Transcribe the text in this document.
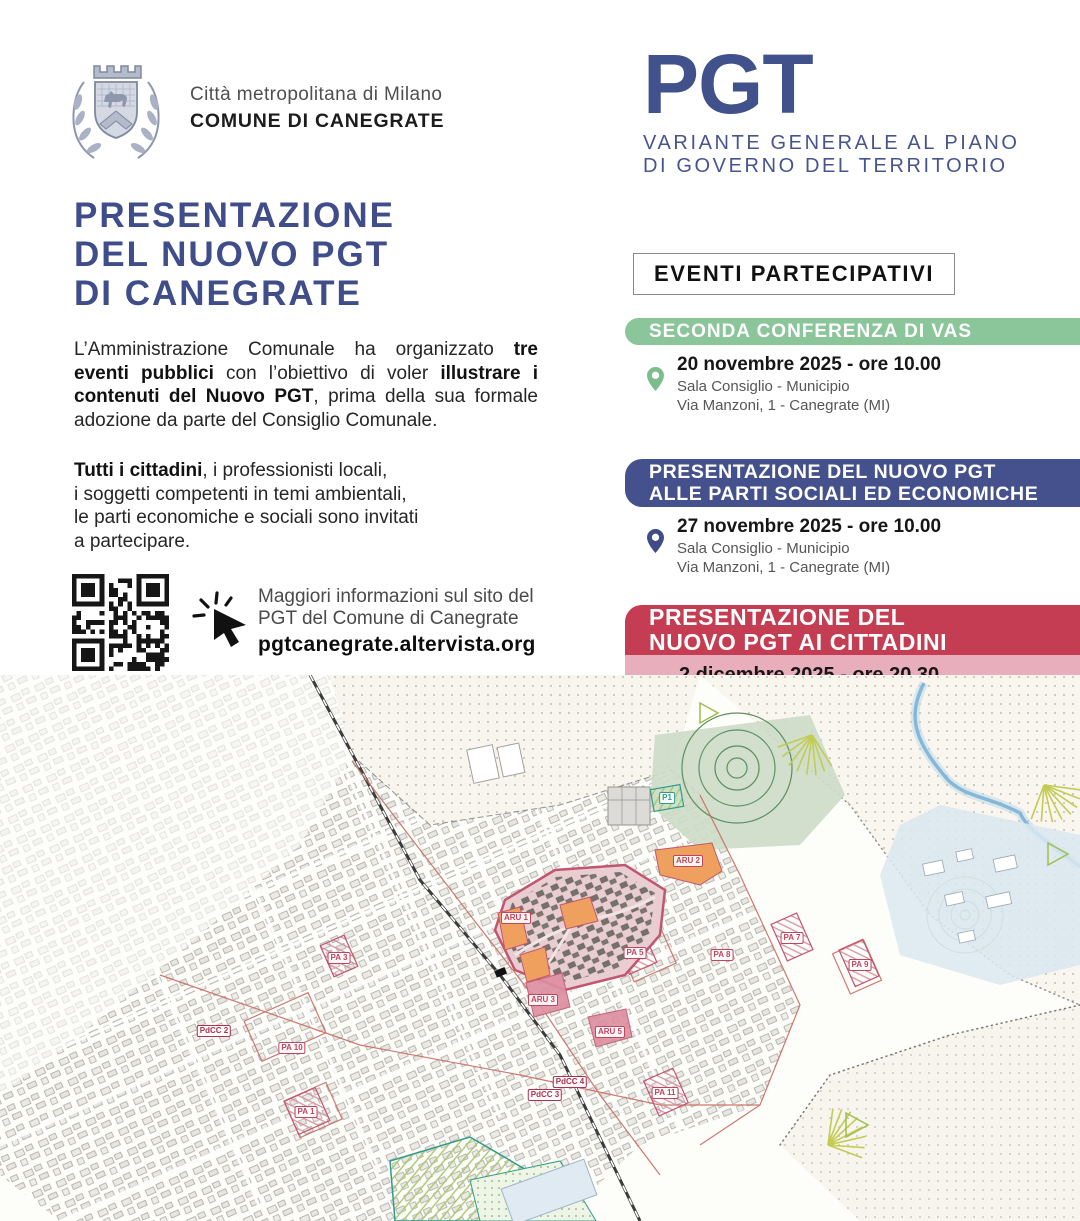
Città metropolitana di Milano
COMUNE DI CANEGRATE PGT
VARIANTE GENERALE AL PIANO
DI GOVERNO DEL TERRITORIO
PRESENTAZIONE
DEL NUOVO PGT
DI CANEGRATE
L’Amministrazione Comunale ha organizzato tre eventi pubblici con l’obiettivo di voler illustrare i contenuti del Nuovo PGT, prima della sua formale adozione da parte del Consiglio Comunale.
Tutti i cittadini, i professionisti locali,
i soggetti competenti in temi ambientali,
le parti economiche e sociali sono invitati
a partecipare.
Maggiori informazioni sul sito del
PGT del Comune di Canegrate
pgtcanegrate.altervista.org
EVENTI PARTECIPATIVI
SECONDA CONFERENZA DI VAS
20 novembre 2025 - ore 10.00
Sala Consiglio - Municipio
Via Manzoni, 1 - Canegrate (MI)
PRESENTAZIONE DEL NUOVO PGT
ALLE PARTI SOCIALI ED ECONOMICHE
27 novembre 2025 - ore 10.00
Sala Consiglio - Municipio
Via Manzoni, 1 - Canegrate (MI)
PRESENTAZIONE DEL
NUOVO PGT AI CITTADINI

ARU 1
ARU 2
ARU 3
ARU 5
PA 1
PA 3
PA 5
PA 7
PA 8
PA 9
PA 10
PA 11
PdCC 2
PdCC 3
PdCC 4
P1
